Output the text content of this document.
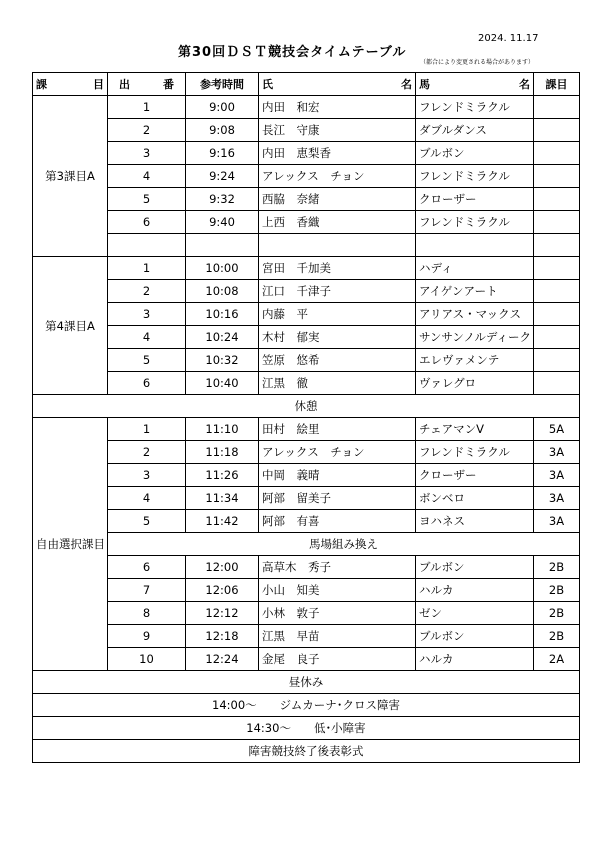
2024. 11.17
第30回ＤＳＴ競技会タイムテーブル
（都合により変更される場合があります）
課 目	出 番	参考時間	氏 名	馬 名	課目
第3課目A	1	9:00	内田　和宏	フレンドミラクル	
	2	9:08	長江　守康	ダブルダンス	
	3	9:16	内田　恵梨香	ブルボン	
	4	9:24	アレックス　チョン	フレンドミラクル	
	5	9:32	西脇　奈緒	クローザー	
	6	9:40	上西　香織	フレンドミラクル	

第4課目A	1	10:00	宮田　千加美	ハディ	
	2	10:08	江口　千津子	アイゲンアート	
	3	10:16	内藤　平	アリアス・マックス	
	4	10:24	木村　郁実	サンサンノルディーク	
	5	10:32	笠原　悠希	エレヴァメンテ	
	6	10:40	江黒　徹	ヴァレグロ	
休憩					
自由選択課目	1	11:10	田村　絵里	チェアマンV	5A
	2	11:18	アレックス　チョン	フレンドミラクル	3A
	3	11:26	中岡　義晴	クローザー	3A
	4	11:34	阿部　留美子	ボンベロ	3A
	5	11:42	阿部　有喜	ヨハネス	3A
	馬場組み換え				
	6	12:00	高草木　秀子	ブルボン	2B
	7	12:06	小山　知美	ハルカ	2B
	8	12:12	小林　敦子	ゼン	2B
	9	12:18	江黒　早苗	ブルボン	2B
	10	12:24	金尾　良子	ハルカ	2A
昼休み					
14:00～　　ジムカーナ･クロス障害					
14:30～　　低･小障害					
障害競技終了後表彰式					
